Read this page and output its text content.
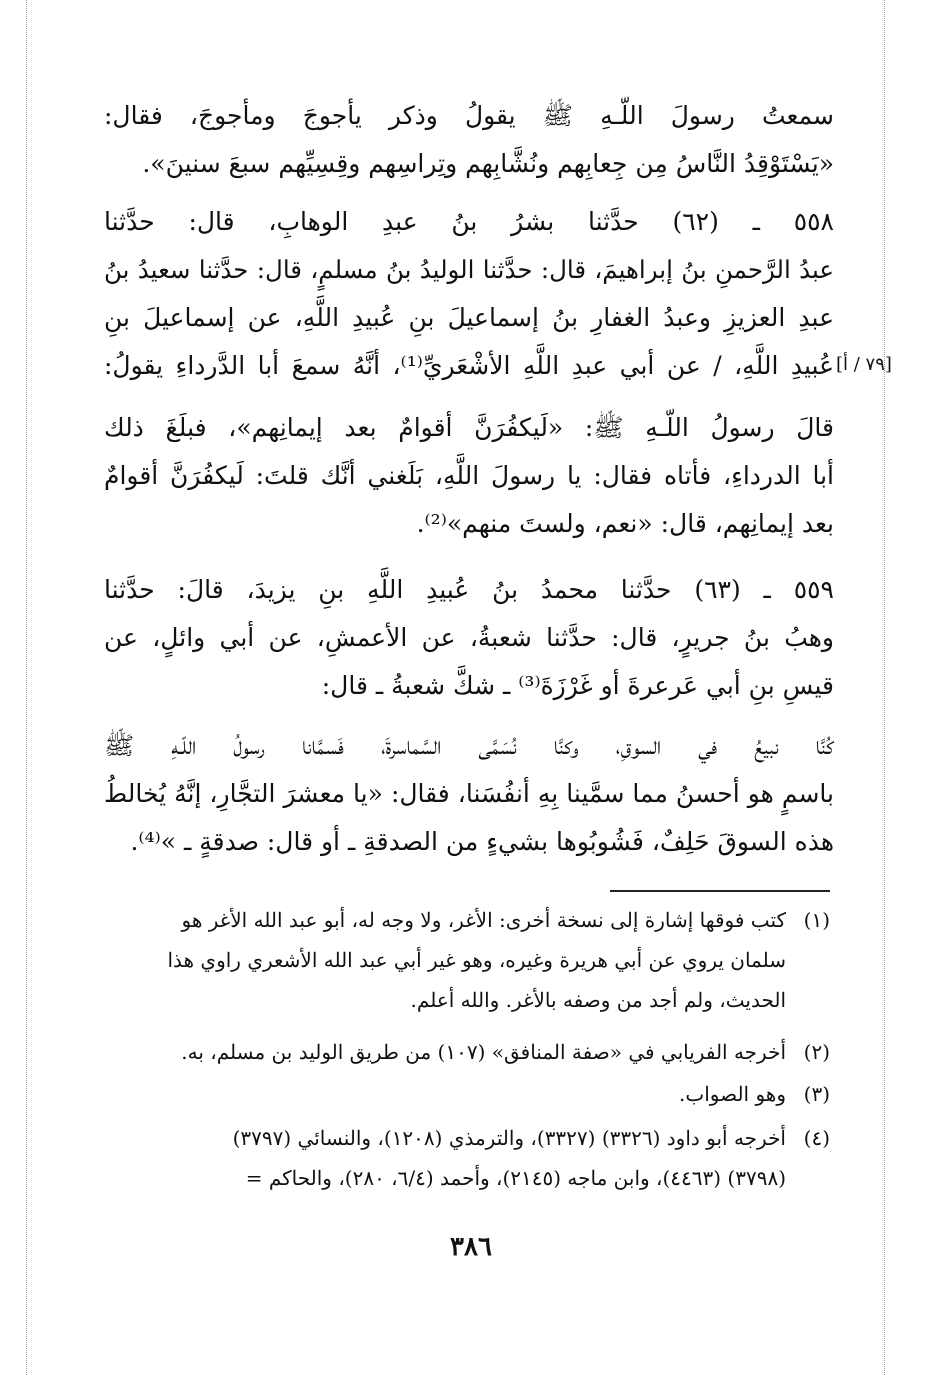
سمعتُ رسولَ اللّـهِ ﷺ يقولُ وذكر يأجوجَ ومأجوجَ، فقال:
«يَسْتَوْقِدُ النَّاسُ مِن جِعابِهم ونُشَّابِهم وتِراسِهم وقِسِيِّهم سبعَ سنينَ».
٥٥٨ ـ (٦٢) حدَّثنا بشرُ بنُ عبدِ الوهابِ، قال: حدَّثنا
عبدُ الرَّحمنِ بنُ إبراهيمَ، قال: حدَّثنا الوليدُ بنُ مسلمٍ، قال: حدَّثنا سعيدُ بنُ
عبدِ العزيزِ وعبدُ الغفارِ بنُ إسماعيلَ بنِ عُبيدِ اللَّهِ، عن إسماعيلَ بنِ
عُبيدِ اللَّهِ، / عن أبي عبدِ اللَّهِ الأشْعَريِّ⁽¹⁾، أنَّهُ سمعَ أبا الدَّرداءِ يقولُ: [٧٩ / أ]
قالَ رسولُ اللّـهِ ﷺ: «لَيكفُرَنَّ أقوامٌ بعد إيمانِهم»، فبلَغَ ذلك
أبا الدرداءِ، فأتاه فقال: يا رسولَ اللَّهِ، بَلَغني أنَّك قلتَ: لَيكفُرَنَّ أقوامٌ
بعد إيمانِهم، قال: «نعم، ولستَ منهم»⁽²⁾.
٥٥٩ ـ (٦٣) حدَّثنا محمدُ بنُ عُبيدِ اللَّهِ بنِ يزيدَ، قالَ: حدَّثنا
وهبُ بنُ جريرٍ، قال: حدَّثنا شعبةُ، عن الأعمشِ، عن أبي وائلٍ، عن
قيسِ بنِ أبي عَرعرةَ أو غَرْزَةَ⁽³⁾ ـ شكَّ شعبةُ ـ قال:
كُنَّا نبيعُ في السوقِ، وكنَّا نُسَمَّى السَّماسرةَ، فَسمَّانا رسولُ اللّـهِ ﷺ
باسمٍ هو أحسنُ مما سمَّينا بِهِ أنفُسَنا، فقال: «يا معشرَ التجَّارِ، إنَّهُ يُخالطُ
هذه السوقَ حَلِفٌ، فَشُوبُوها بشيءٍ من الصدقةِ ـ أو قال: صدقةٍ ـ »⁽⁴⁾.
(١)
كتب فوقها إشارة إلى نسخة أخرى: الأغر، ولا وجه له، أبو عبد الله الأغر هو
سلمان يروي عن أبي هريرة وغيره، وهو غير أبي عبد الله الأشعري راوي هذا
الحديث، ولم أجد من وصفه بالأغر. والله أعلم.
(٢)
أخرجه الفريابي في «صفة المنافق» (١٠٧) من طريق الوليد بن مسلم، به.
(٣)
وهو الصواب.
(٤)
أخرجه أبو داود (٣٣٢٦) (٣٣٢٧)، والترمذي (١٢٠٨)، والنسائي (٣٧٩٧)
(٣٧٩٨) (٤٤٦٣)، وابن ماجه (٢١٤٥)، وأحمد (٦/٤، ٢٨٠)، والحاكم =
٣٨٦
